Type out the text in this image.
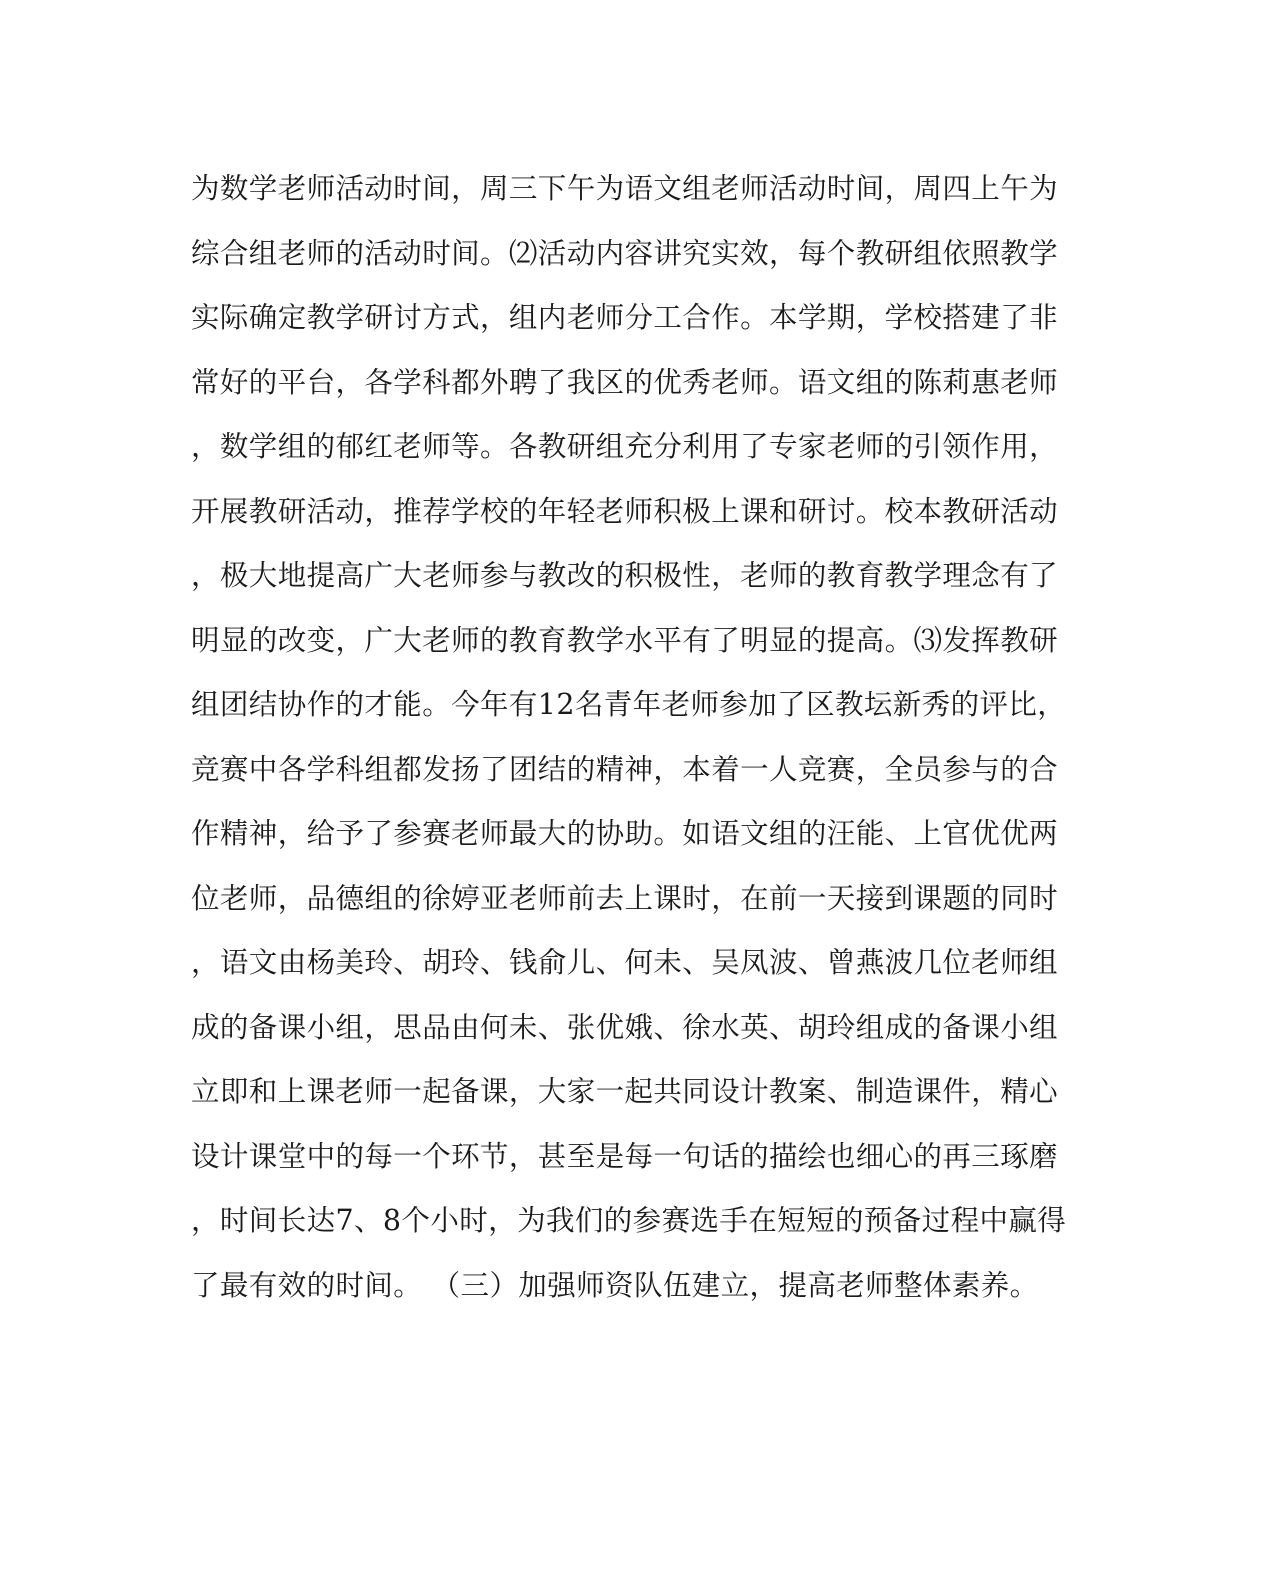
为数学老师活动时间，周三下午为语文组老师活动时间，周四上午为
综合组老师的活动时间。⑵活动内容讲究实效，每个教研组依照教学
实际确定教学研讨方式，组内老师分工合作。本学期，学校搭建了非
常好的平台，各学科都外聘了我区的优秀老师。语文组的陈莉惠老师
，数学组的郁红老师等。各教研组充分利用了专家老师的引领作用，
开展教研活动，推荐学校的年轻老师积极上课和研讨。校本教研活动
，极大地提高广大老师参与教改的积极性，老师的教育教学理念有了
明显的改变，广大老师的教育教学水平有了明显的提高。⑶发挥教研
组团结协作的才能。今年有12名青年老师参加了区教坛新秀的评比，
竞赛中各学科组都发扬了团结的精神，本着一人竞赛，全员参与的合
作精神，给予了参赛老师最大的协助。如语文组的汪能、上官优优两
位老师，品德组的徐婷亚老师前去上课时，在前一天接到课题的同时
，语文由杨美玲、胡玲、钱俞儿、何未、吴凤波、曾燕波几位老师组
成的备课小组，思品由何未、张优娥、徐水英、胡玲组成的备课小组
立即和上课老师一起备课，大家一起共同设计教案、制造课件，精心
设计课堂中的每一个环节，甚至是每一句话的描绘也细心的再三琢磨
，时间长达7、8个小时，为我们的参赛选手在短短的预备过程中赢得
了最有效的时间。 （三）加强师资队伍建立，提高老师整体素养。
